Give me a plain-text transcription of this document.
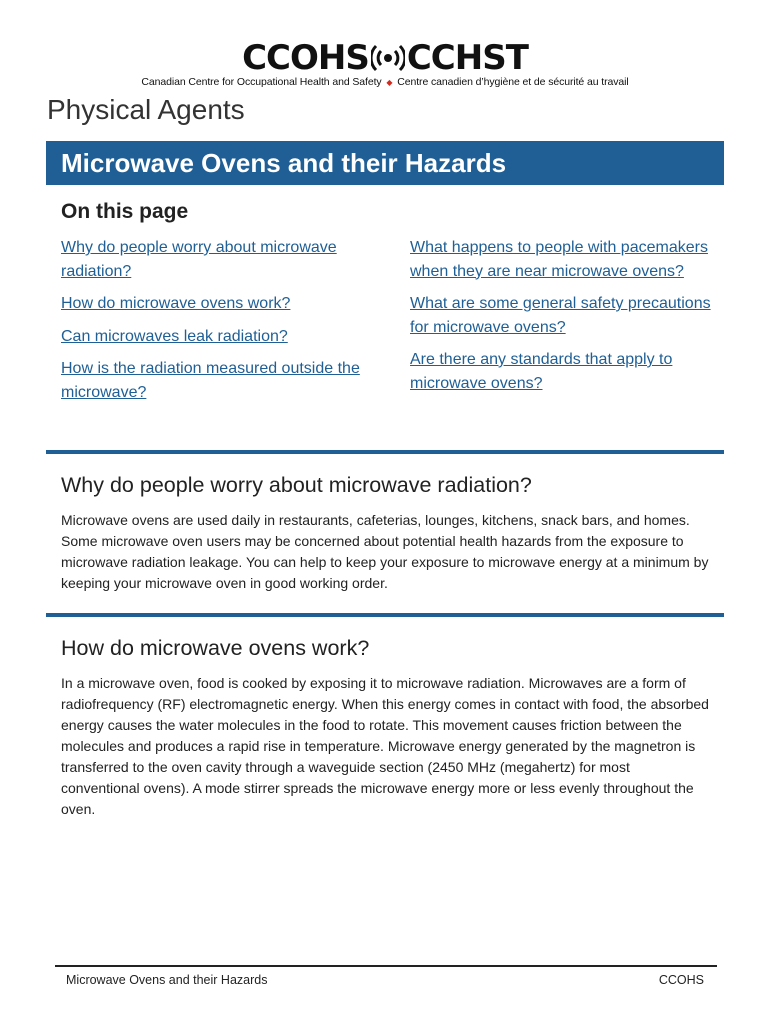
CCOHS CCHST
Canadian Centre for Occupational Health and Safety ◆ Centre canadien d’hygiène et de sécurité au travail
Physical Agents
Microwave Ovens and their Hazards
On this page
Why do people worry about microwave radiation?
How do microwave ovens work?
Can microwaves leak radiation?
How is the radiation measured outside the microwave?
What happens to people with pacemakers when they are near microwave ovens?
What are some general safety precautions for microwave ovens?
Are there any standards that apply to microwave ovens?
Why do people worry about microwave radiation?

Microwave ovens are used daily in restaurants, cafeterias, lounges, kitchens, snack bars, and homes. Some microwave oven users may be concerned about potential health hazards from the exposure to microwave radiation leakage. You can help to keep your exposure to microwave energy at a minimum by keeping your microwave oven in good working order.

How do microwave ovens work?

In a microwave oven, food is cooked by exposing it to microwave radiation. Microwaves are a form of radiofrequency (RF) electromagnetic energy. When this energy comes in contact with food, the absorbed energy causes the water molecules in the food to rotate. This movement causes friction between the molecules and produces a rapid rise in temperature. Microwave energy generated by the magnetron is transferred to the oven cavity through a waveguide section (2450 MHz (megahertz) for most conventional ovens). A mode stirrer spreads the microwave energy more or less evenly throughout the oven.

Microwave Ovens and their Hazards	CCOHS
